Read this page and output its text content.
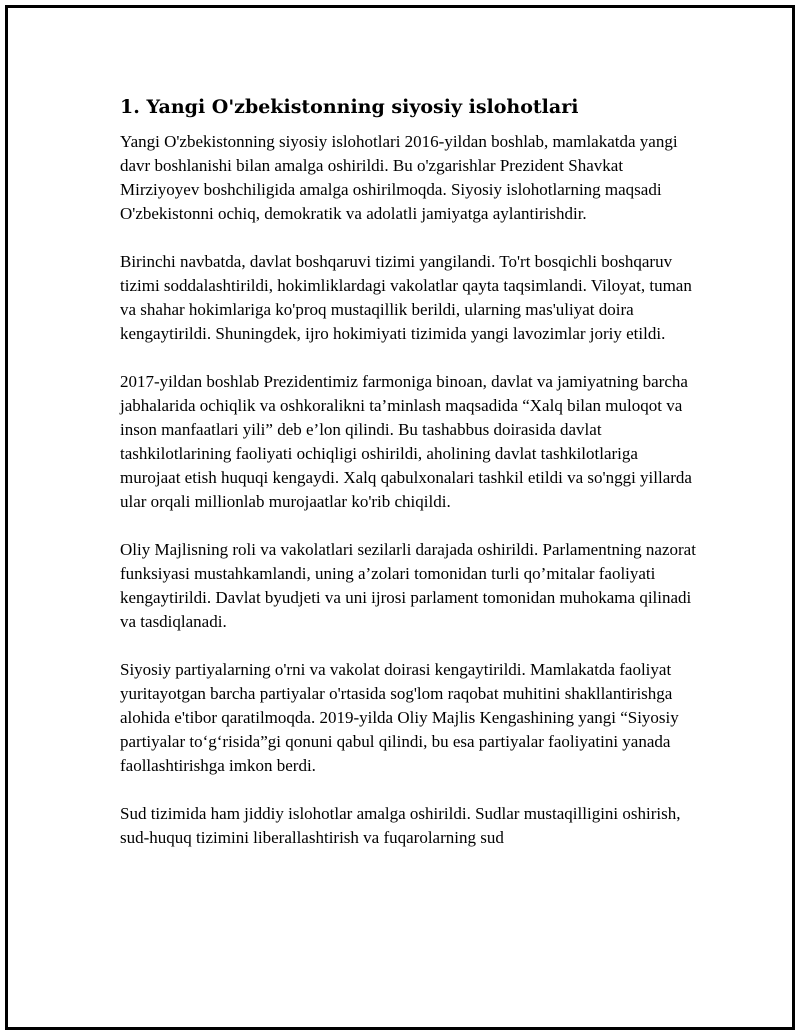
1. Yangi O'zbekistonning siyosiy islohotlari

Yangi O'zbekistonning siyosiy islohotlari 2016-yildan boshlab, mamlakatda yangi davr boshlanishi bilan amalga oshirildi. Bu o'zgarishlar Prezident Shavkat Mirziyoyev boshchiligida amalga oshirilmoqda. Siyosiy islohotlarning maqsadi O'zbekistonni ochiq, demokratik va adolatli jamiyatga aylantirishdir.

Birinchi navbatda, davlat boshqaruvi tizimi yangilandi. To'rt bosqichli boshqaruv tizimi soddalashtirildi, hokimliklardagi vakolatlar qayta taqsimlandi. Viloyat, tuman va shahar hokimlariga ko'proq mustaqillik berildi, ularning mas'uliyat doira kengaytirildi. Shuningdek, ijro hokimiyati tizimida yangi lavozimlar joriy etildi.

2017-yildan boshlab Prezidentimiz farmoniga binoan, davlat va jamiyatning barcha jabhalarida ochiqlik va oshkoralikni ta’minlash maqsadida “Xalq bilan muloqot va inson manfaatlari yili” deb e’lon qilindi. Bu tashabbus doirasida davlat tashkilotlarining faoliyati ochiqligi oshirildi, aholining davlat tashkilotlariga murojaat etish huquqi kengaydi. Xalq qabulxonalari tashkil etildi va so'nggi yillarda ular orqali millionlab murojaatlar ko'rib chiqildi.

Oliy Majlisning roli va vakolatlari sezilarli darajada oshirildi. Parlamentning nazorat funksiyasi mustahkamlandi, uning a’zolari tomonidan turli qo’mitalar faoliyati kengaytirildi. Davlat byudjeti va uni ijrosi parlament tomonidan muhokama qilinadi va tasdiqlanadi.

Siyosiy partiyalarning o'rni va vakolat doirasi kengaytirildi. Mamlakatda faoliyat yuritayotgan barcha partiyalar o'rtasida sog'lom raqobat muhitini shakllantirishga alohida e'tibor qaratilmoqda. 2019-yilda Oliy Majlis Kengashining yangi “Siyosiy partiyalar to‘g‘risida”gi qonuni qabul qilindi, bu esa partiyalar faoliyatini yanada faollashtirishga imkon berdi.

Sud tizimida ham jiddiy islohotlar amalga oshirildi. Sudlar mustaqilligini oshirish, sud-huquq tizimini liberallashtirish va fuqarolarning sud
